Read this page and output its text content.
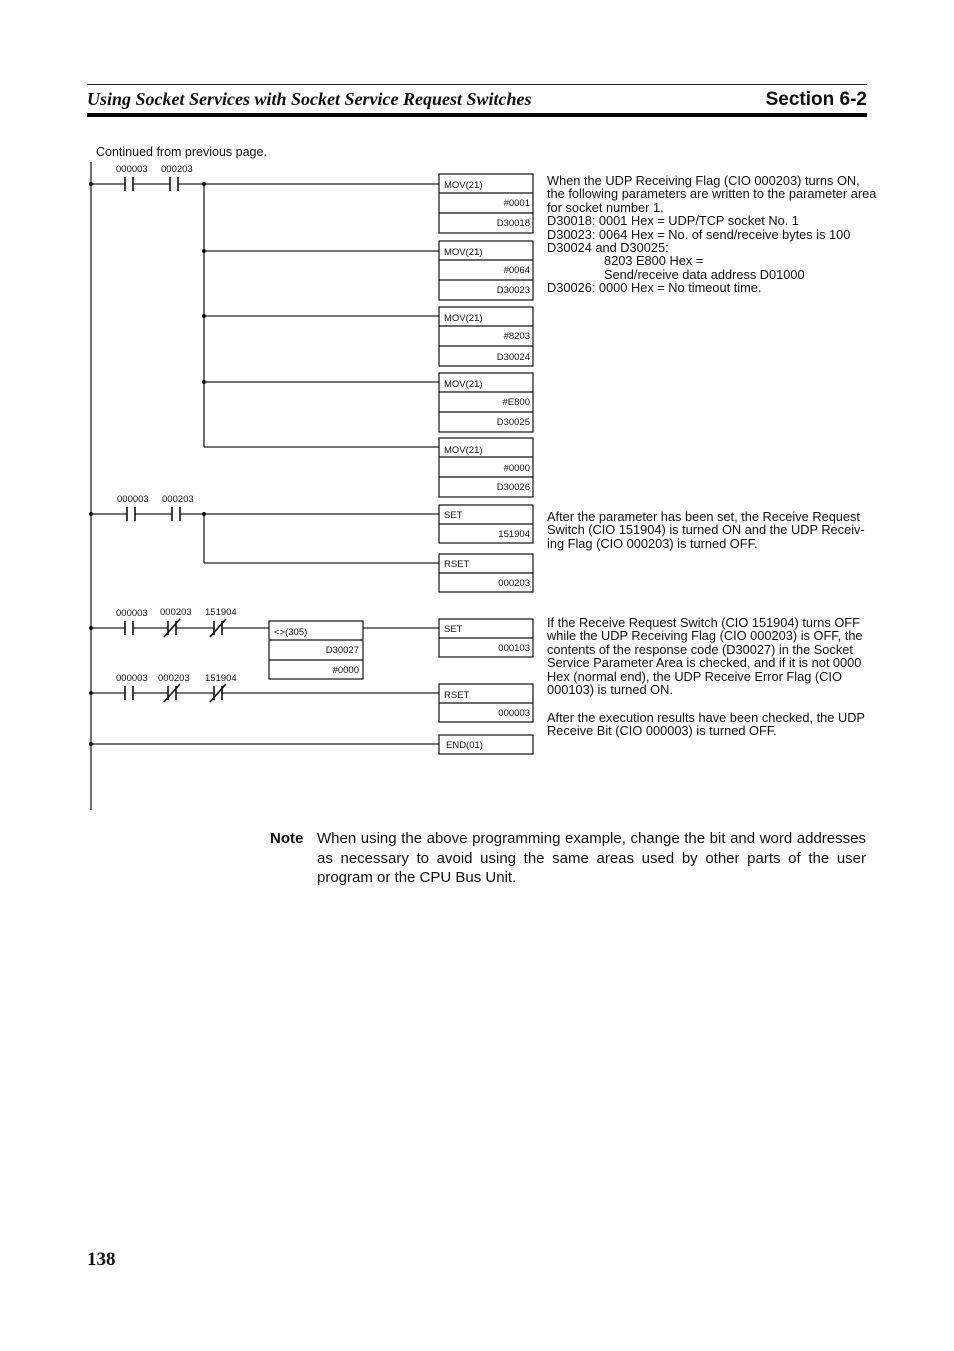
Using Socket Services with Socket Service Request Switches	Section 6-2
Continued from previous page.
000003 000203
000003 000203
000003 000203 151904
000003 000203 151904
MOV(21)
#0001
D30018
MOV(21)
#0064
D30023
MOV(21)
#8203
D30024
MOV(21)
#E800
D30025
MOV(21)
#0000
D30026
SET
151904
RSET
000203
<>(305)
D30027
#0000
SET
000103
RSET
000003
END(01)
When the UDP Receiving Flag (CIO 000203) turns ON,
the following parameters are written to the parameter area
for socket number 1.
D30018: 0001 Hex = UDP/TCP socket No. 1
D30023: 0064 Hex = No. of send/receive bytes is 100
D30024 and D30025:
8203 E800 Hex =
Send/receive data address D01000
D30026: 0000 Hex = No timeout time.
After the parameter has been set, the Receive Request
Switch (CIO 151904) is turned ON and the UDP Receiv-
ing Flag (CIO 000203) is turned OFF.
If the Receive Request Switch (CIO 151904) turns OFF
while the UDP Receiving Flag (CIO 000203) is OFF, the
contents of the response code (D30027) in the Socket
Service Parameter Area is checked, and if it is not 0000
Hex (normal end), the UDP Receive Error Flag (CIO
000103) is turned ON.
After the execution results have been checked, the UDP
Receive Bit (CIO 000003) is turned OFF.
Note When using the above programming example, change the bit and word addresses as necessary to avoid using the same areas used by other parts of the user program or the CPU Bus Unit.
138
